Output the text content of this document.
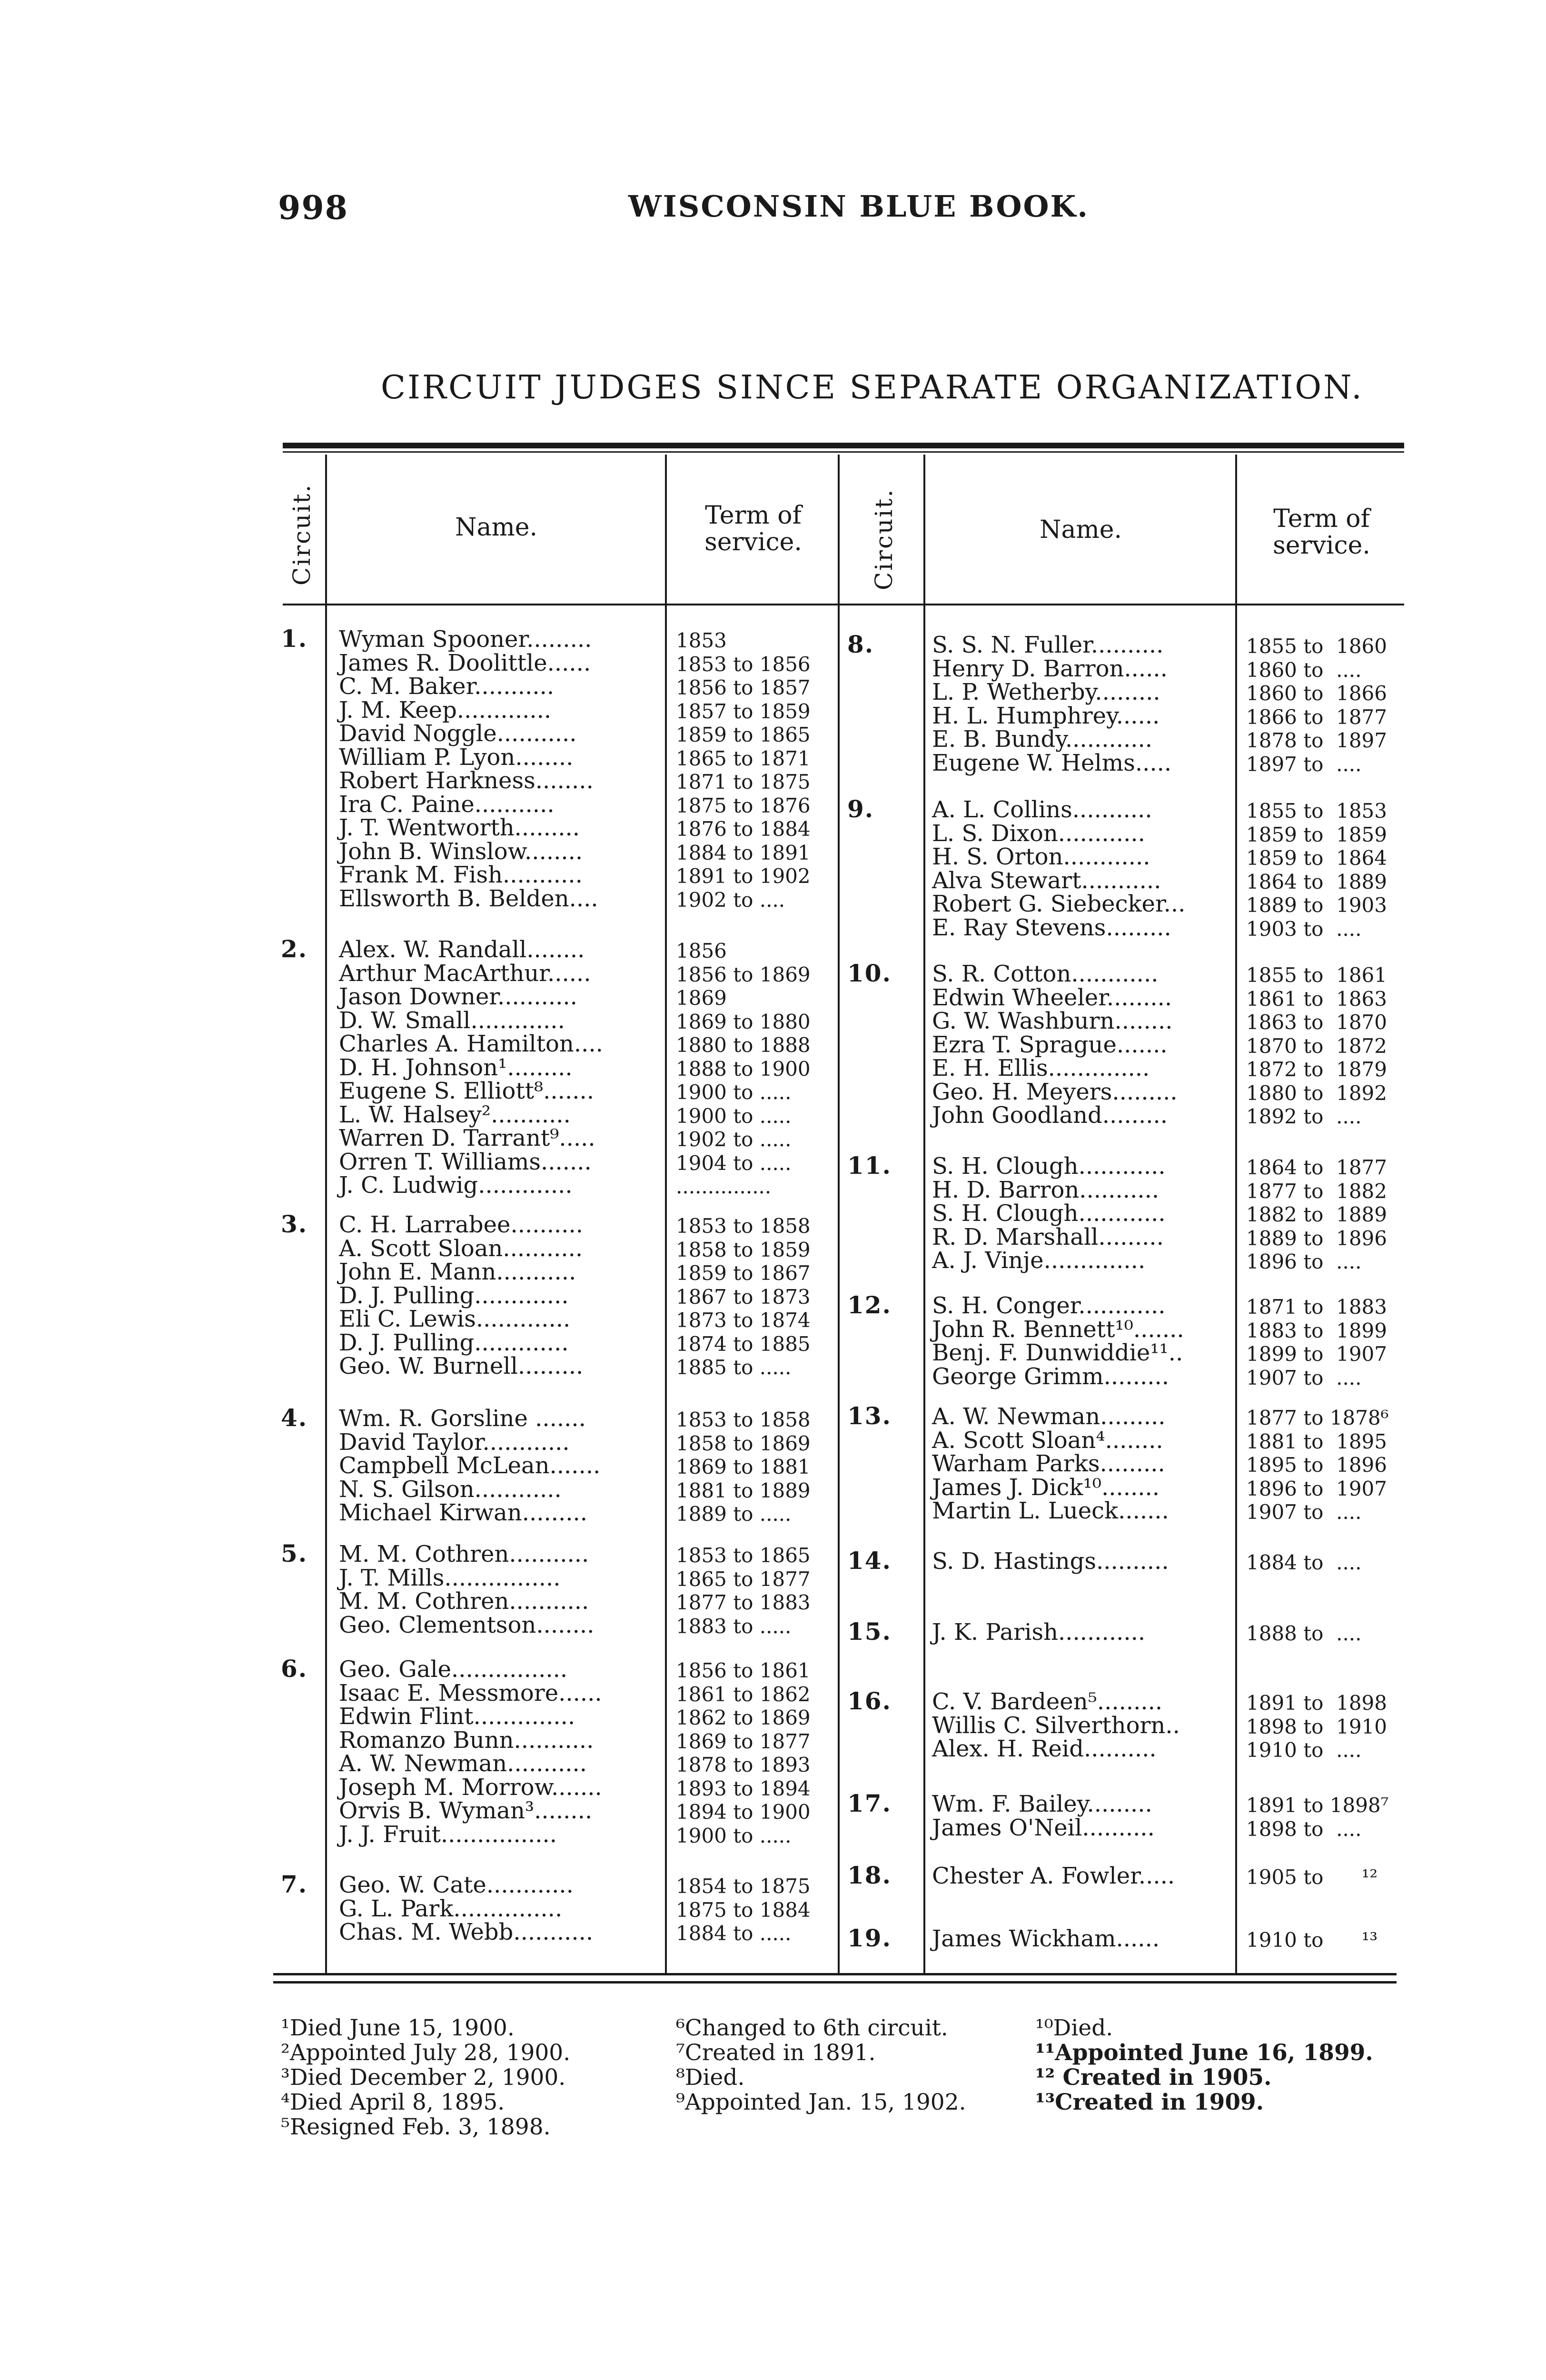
998	WISCONSIN BLUE BOOK.
CIRCUIT JUDGES SINCE SEPARATE ORGANIZATION.
Circuit.	Name.	Term of
service.	Circuit.	Name.	Term of
service.
1. Wyman Spooner.........	1853
James R. Doolittle......	1853 to 1856
C. M. Baker...........	1856 to 1857
J. M. Keep.............	1857 to 1859
David Noggle...........	1859 to 1865
William P. Lyon........	1865 to 1871
Robert Harkness........	1871 to 1875
Ira C. Paine...........	1875 to 1876
J. T. Wentworth.........	1876 to 1884
John B. Winslow........	1884 to 1891
Frank M. Fish...........	1891 to 1902
Ellsworth B. Belden....	1902 to ....
2. Alex. W. Randall........	1856
Arthur MacArthur......	1856 to 1869
Jason Downer...........	1869
D. W. Small.............	1869 to 1880
Charles A. Hamilton....	1880 to 1888
D. H. Johnson¹.........	1888 to 1900
Eugene S. Elliott⁸.......	1900 to .....
L. W. Halsey²...........	1900 to .....
Warren D. Tarrant⁹.....	1902 to .....
Orren T. Williams.......	1904 to .....
J. C. Ludwig.............	...............
3. C. H. Larrabee..........	1853 to 1858
A. Scott Sloan...........	1858 to 1859
John E. Mann...........	1859 to 1867
D. J. Pulling.............	1867 to 1873
Eli C. Lewis.............	1873 to 1874
D. J. Pulling.............	1874 to 1885
Geo. W. Burnell.........	1885 to .....
4. Wm. R. Gorsline .......	1853 to 1858
David Taylor............	1858 to 1869
Campbell McLean.......	1869 to 1881
N. S. Gilson............	1881 to 1889
Michael Kirwan.........	1889 to .....
5. M. M. Cothren...........	1853 to 1865
J. T. Mills................	1865 to 1877
M. M. Cothren...........	1877 to 1883
Geo. Clementson........	1883 to .....
6. Geo. Gale................	1856 to 1861
Isaac E. Messmore......	1861 to 1862
Edwin Flint..............	1862 to 1869
Romanzo Bunn...........	1869 to 1877
A. W. Newman...........	1878 to 1893
Joseph M. Morrow.......	1893 to 1894
Orvis B. Wyman³........	1894 to 1900
J. J. Fruit................	1900 to .....
7. Geo. W. Cate............	1854 to 1875
G. L. Park...............	1875 to 1884
Chas. M. Webb...........	1884 to .....
8.	S. S. N. Fuller..........	1855 to  1860
Henry D. Barron......	1860 to  ....
L. P. Wetherby.........	1860 to  1866
H. L. Humphrey......	1866 to  1877
E. B. Bundy............	1878 to  1897
Eugene W. Helms.....	1897 to  ....
9.	A. L. Collins...........	1855 to  1853
L. S. Dixon............	1859 to  1859
H. S. Orton............	1859 to  1864
Alva Stewart...........	1864 to  1889
Robert G. Siebecker...	1889 to  1903
E. Ray Stevens.........	1903 to  ....
10. S. R. Cotton............	1855 to  1861
Edwin Wheeler.........	1861 to  1863
G. W. Washburn........	1863 to  1870
Ezra T. Sprague.......	1870 to  1872
E. H. Ellis..............	1872 to  1879
Geo. H. Meyers.........	1880 to  1892
John Goodland.........	1892 to  ....
11. S. H. Clough............	1864 to  1877
H. D. Barron...........	1877 to  1882
S. H. Clough............	1882 to  1889
R. D. Marshall.........	1889 to  1896
A. J. Vinje..............	1896 to  ....
12. S. H. Conger............	1871 to  1883
John R. Bennett¹⁰.......	1883 to  1899
Benj. F. Dunwiddie¹¹..	1899 to  1907
George Grimm.........	1907 to  ....
13. A. W. Newman.........	1877 to 1878⁶
A. Scott Sloan⁴........	1881 to  1895
Warham Parks.........	1895 to  1896
James J. Dick¹⁰........	1896 to  1907
Martin L. Lueck.......	1907 to  ....
14. S. D. Hastings..........	1884 to  ....
15. J. K. Parish............	1888 to  ....
16. C. V. Bardeen⁵.........	1891 to  1898
Willis C. Silverthorn..	1898 to  1910
Alex. H. Reid..........	1910 to  ....
17. Wm. F. Bailey.........	1891 to 1898⁷
James O'Neil..........	1898 to  ....
18. Chester A. Fowler.....	1905 to      ¹²
19. James Wickham......	1910 to      ¹³
¹Died June 15, 1900.	⁶Changed to 6th circuit.	¹⁰Died.
²Appointed July 28, 1900.	⁷Created in 1891.	¹¹Appointed June 16, 1899.
³Died December 2, 1900.	⁸Died.	¹² Created in 1905.
⁴Died April 8, 1895.	⁹Appointed Jan. 15, 1902.	¹³Created in 1909.
⁵Resigned Feb. 3, 1898.
